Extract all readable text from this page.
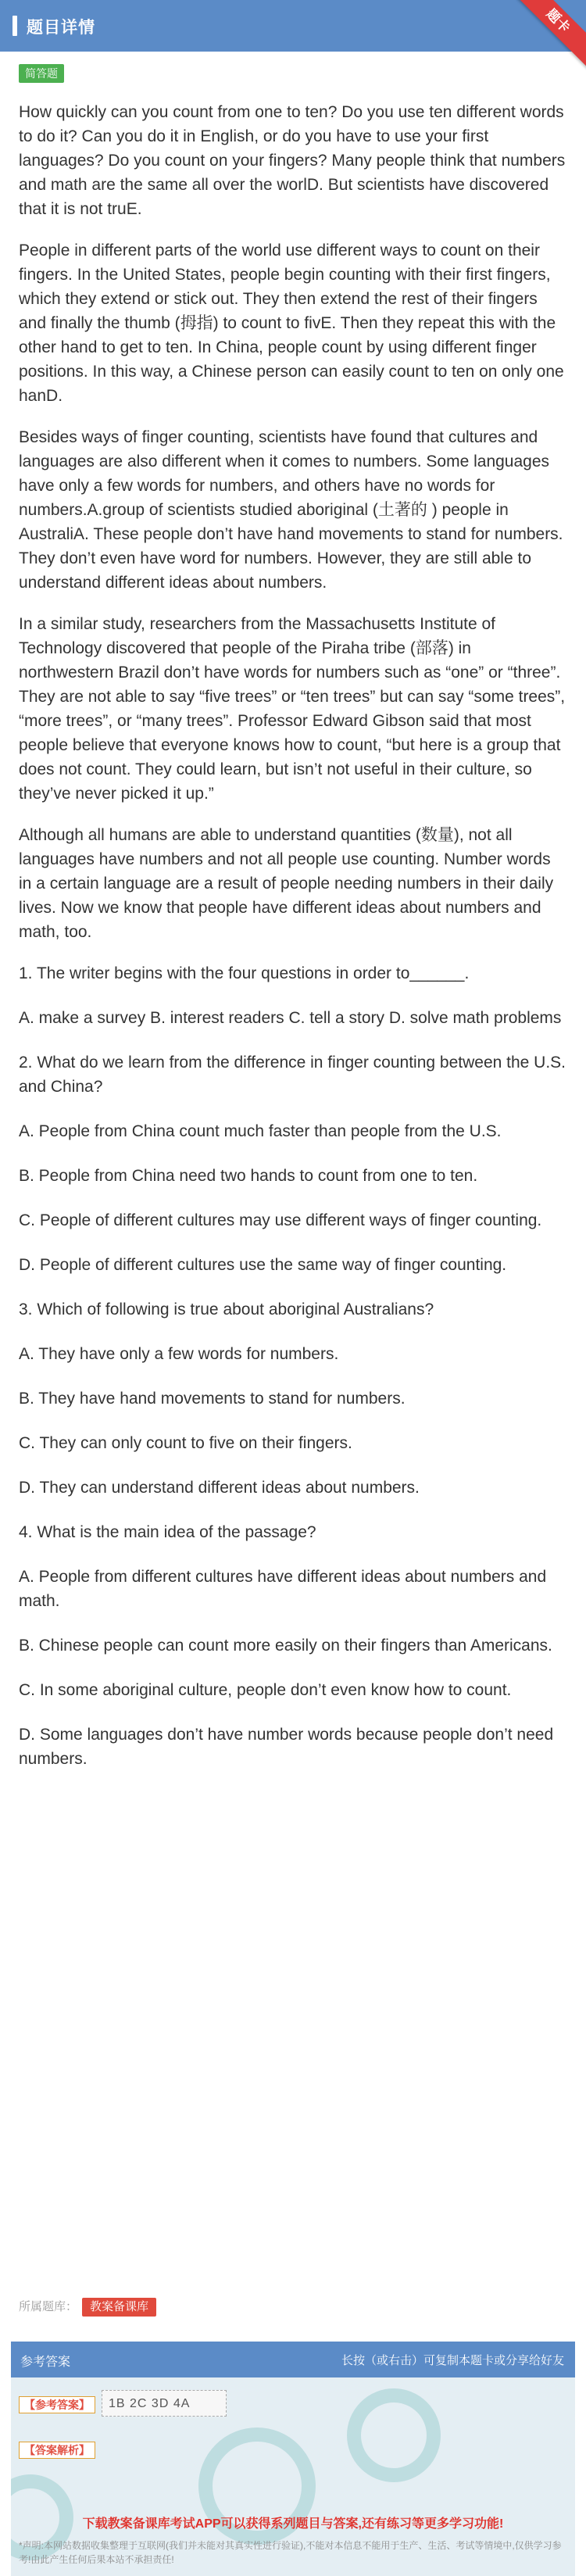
题目详情	题卡
简答题

How quickly can you count from one to ten? Do you use ten different words to do it? Can you do it in English, or do you have to use your first languages? Do you count on your fingers? Many people think that numbers and math are the same all over the worlD. But scientists have discovered that it is not truE.

People in different parts of the world use different ways to count on their fingers. In the United States, people begin counting with their first fingers, which they extend or stick out. They then extend the rest of their fingers and finally the thumb (拇指) to count to fivE. Then they repeat this with the other hand to get to ten. In China, people count by using different finger positions. In this way, a Chinese person can easily count to ten on only one hanD.

Besides ways of finger counting, scientists have found that cultures and languages are also different when it comes to numbers. Some languages have only a few words for numbers, and others have no words for numbers.A.group of scientists studied aboriginal (土著的 ) people in AustraliA. These people don’t have hand movements to stand for numbers. They don’t even have word for numbers. However, they are still able to understand different ideas about numbers.

In a similar study, researchers from the Massachusetts Institute of Technology discovered that people of the Piraha tribe (部落) in northwestern Brazil don’t have words for numbers such as “one” or “three”. They are not able to say “five trees” or “ten trees” but can say “some trees”, “more trees”, or “many trees”. Professor Edward Gibson said that most people believe that everyone knows how to count, “but here is a group that does not count. They could learn, but isn’t not useful in their culture, so they’ve never picked it up.”

Although all humans are able to understand quantities (数量), not all languages have numbers and not all people use counting. Number words in a certain language are a result of people needing numbers in their daily lives. Now we know that people have different ideas about numbers and math, too.

1. The writer begins with the four questions in order to______.

A. make a survey B. interest readers C. tell a story D. solve math problems

2. What do we learn from the difference in finger counting between the U.S. and China?

A. People from China count much faster than people from the U.S.

B. People from China need two hands to count from one to ten.

C. People of different cultures may use different ways of finger counting.

D. People of different cultures use the same way of finger counting.

3. Which of following is true about aboriginal Australians?

A. They have only a few words for numbers.

B. They have hand movements to stand for numbers.

C. They can only count to five on their fingers.

D. They can understand different ideas about numbers.

4. What is the main idea of the passage?

A. People from different cultures have different ideas about numbers and math.

B. Chinese people can count more easily on their fingers than Americans.

C. In some aboriginal culture, people don’t even know how to count.

D. Some languages don’t have number words because people don’t need numbers.

所属题库： 教案备课库
参考答案	长按（或右击）可复制本题卡或分享给好友
【参考答案】	1B 2C 3D 4A
【答案解析】
下载教案备课库考试APP可以获得系列题目与答案,还有练习等更多学习功能!
*声明:本网站数据收集整理于互联网(我们并未能对其真实性进行验证),不能对本信息不能用于生产、生活、考试等情境中,仅供学习参考!由此产生任何后果本站不承担责任!
